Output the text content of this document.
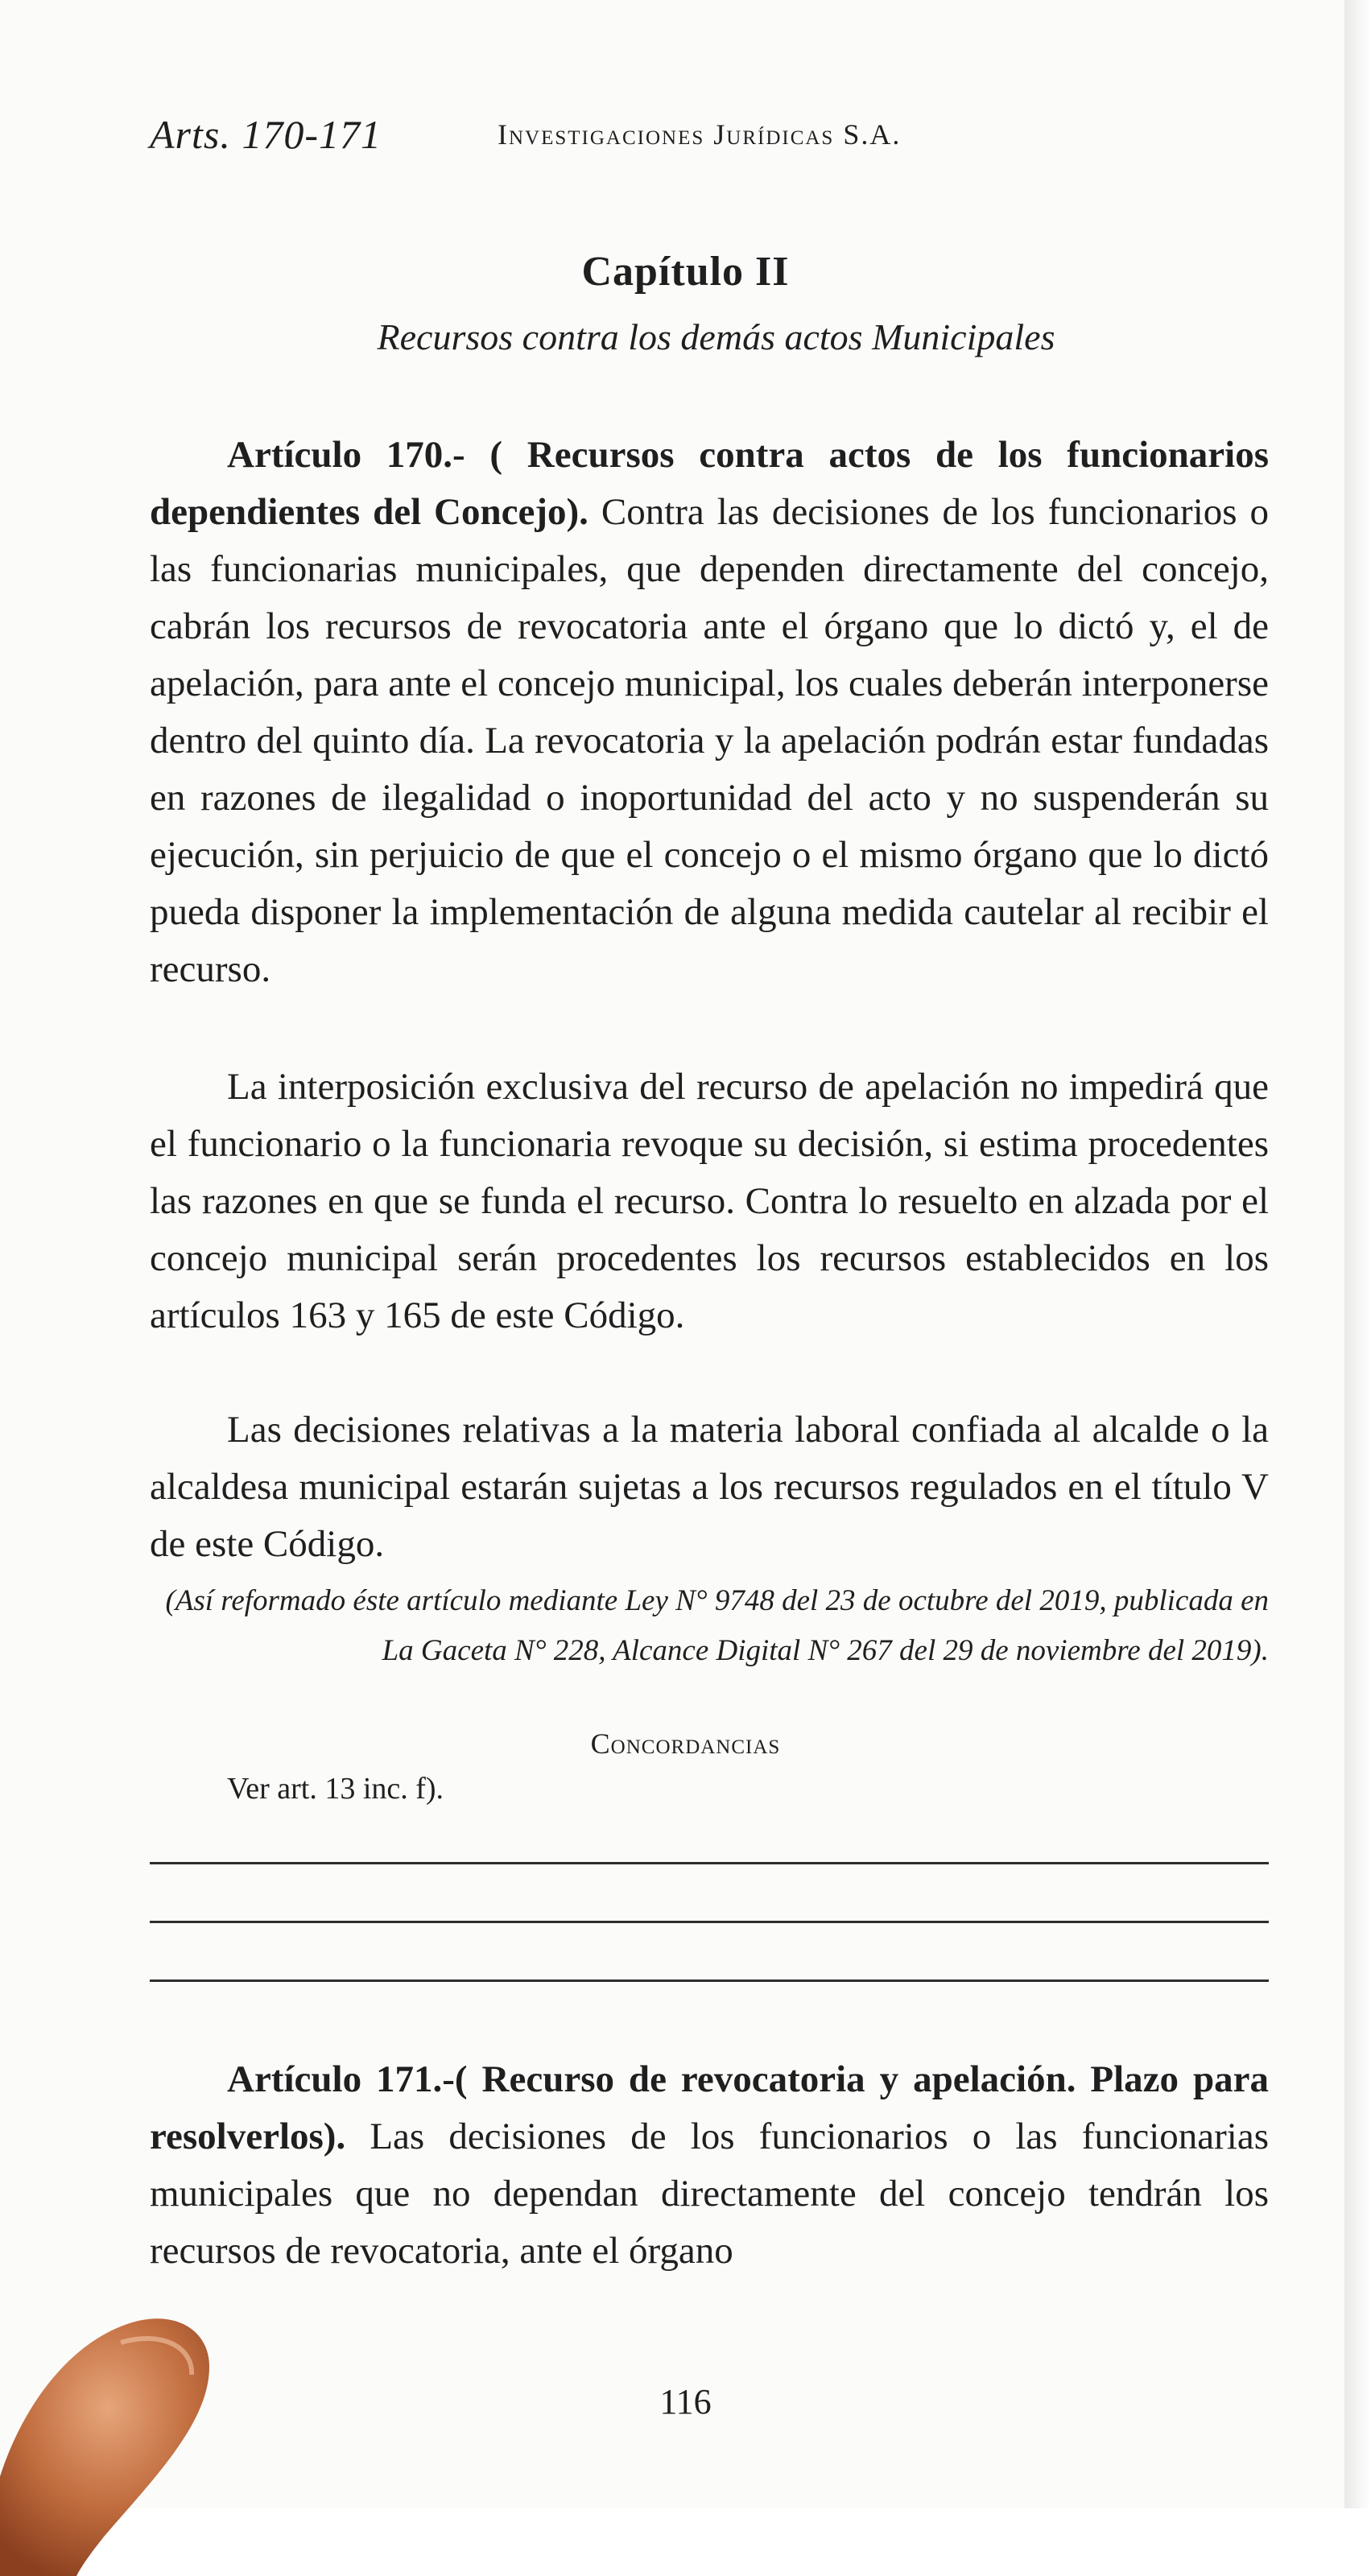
Arts. 170-171	Investigaciones Jurídicas S.A.
Capítulo II
Recursos contra los demás actos Municipales

Artículo 170.- ( Recursos contra actos de los funcionarios dependientes del Concejo). Contra las decisiones de los funcionarios o las funcionarias municipales, que dependen directamente del concejo, cabrán los recursos de revocatoria ante el órgano que lo dictó y, el de apelación, para ante el concejo municipal, los cuales deberán interponerse dentro del quinto día. La revocatoria y la apelación podrán estar fundadas en razones de ilegalidad o inoportunidad del acto y no suspenderán su ejecución, sin perjuicio de que el concejo o el mismo órgano que lo dictó pueda disponer la implementación de alguna medida cautelar al recibir el recurso.

La interposición exclusiva del recurso de apelación no impedirá que el funcionario o la funcionaria revoque su decisión, si estima procedentes las razones en que se funda el recurso. Contra lo resuelto en alzada por el concejo municipal serán procedentes los recursos establecidos en los artículos 163 y 165 de este Código.

Las decisiones relativas a la materia laboral confiada al alcalde o la alcaldesa municipal estarán sujetas a los recursos regulados en el título V de este Código.

(Así reformado éste artículo mediante Ley N° 9748 del 23 de octubre del 2019, publicada en La Gaceta N° 228, Alcance Digital N° 267 del 29 de noviembre del 2019).

Concordancias
Ver art. 13 inc. f).

Artículo 171.-( Recurso de revocatoria y apelación. Plazo para resolverlos). Las decisiones de los funcionarios o las funcionarias municipales que no dependan directamente del concejo tendrán los recursos de revocatoria, ante el órgano

116
